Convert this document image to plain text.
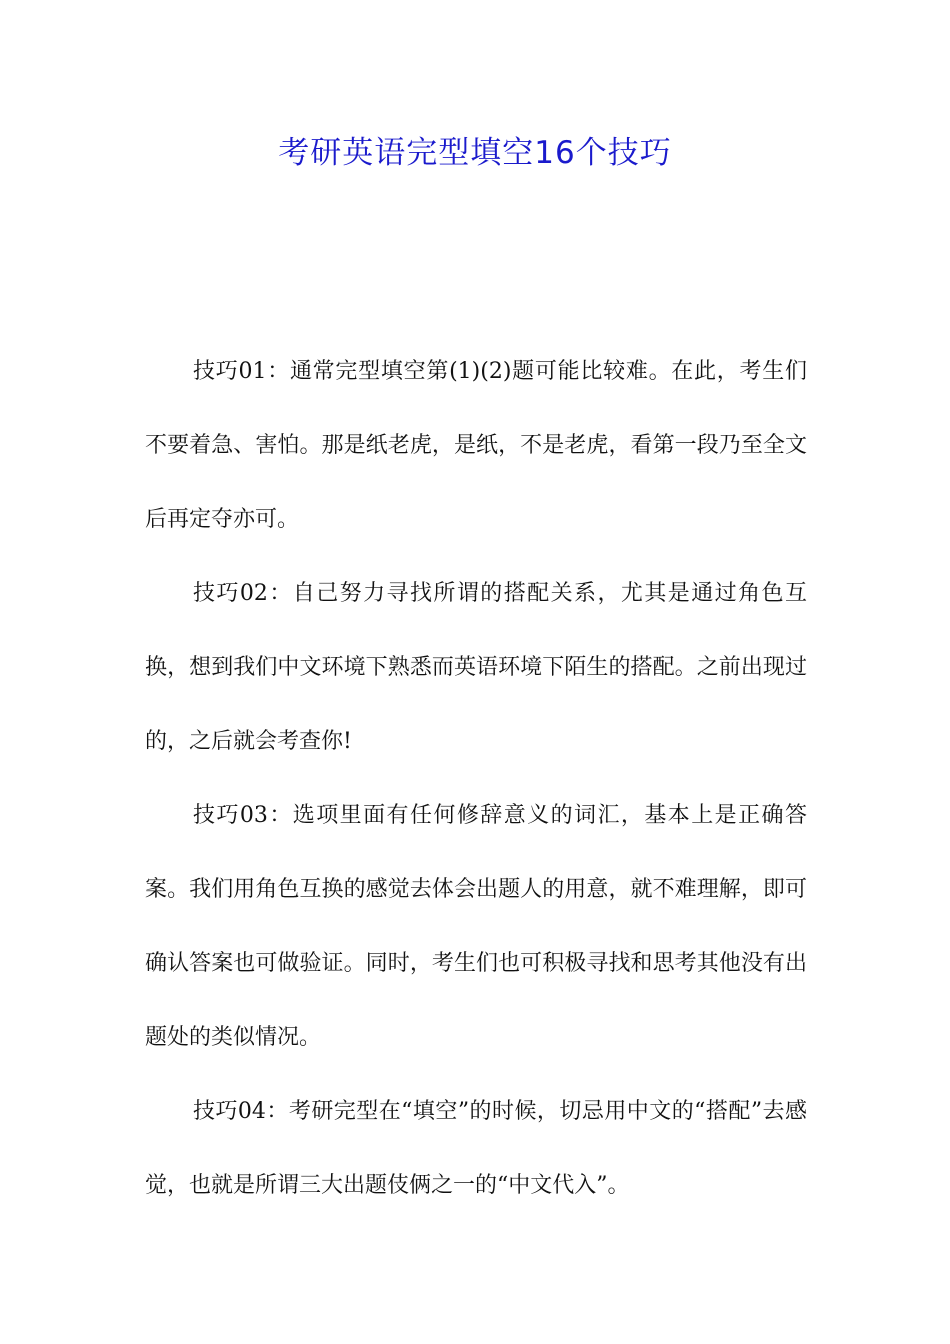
考研英语完型填空16个技巧

技巧01：通常完型填空第(1)(2)题可能比较难。在此，考生们不要着急、害怕。那是纸老虎，是纸，不是老虎，看第一段乃至全文后再定夺亦可。

技巧02：自己努力寻找所谓的搭配关系，尤其是通过角色互换，想到我们中文环境下熟悉而英语环境下陌生的搭配。之前出现过的，之后就会考查你!

技巧03：选项里面有任何修辞意义的词汇，基本上是正确答案。我们用角色互换的感觉去体会出题人的用意，就不难理解，即可确认答案也可做验证。同时，考生们也可积极寻找和思考其他没有出题处的类似情况。

技巧04：考研完型在“填空”的时候，切忌用中文的“搭配”去感觉，也就是所谓三大出题伎俩之一的“中文代入”。
